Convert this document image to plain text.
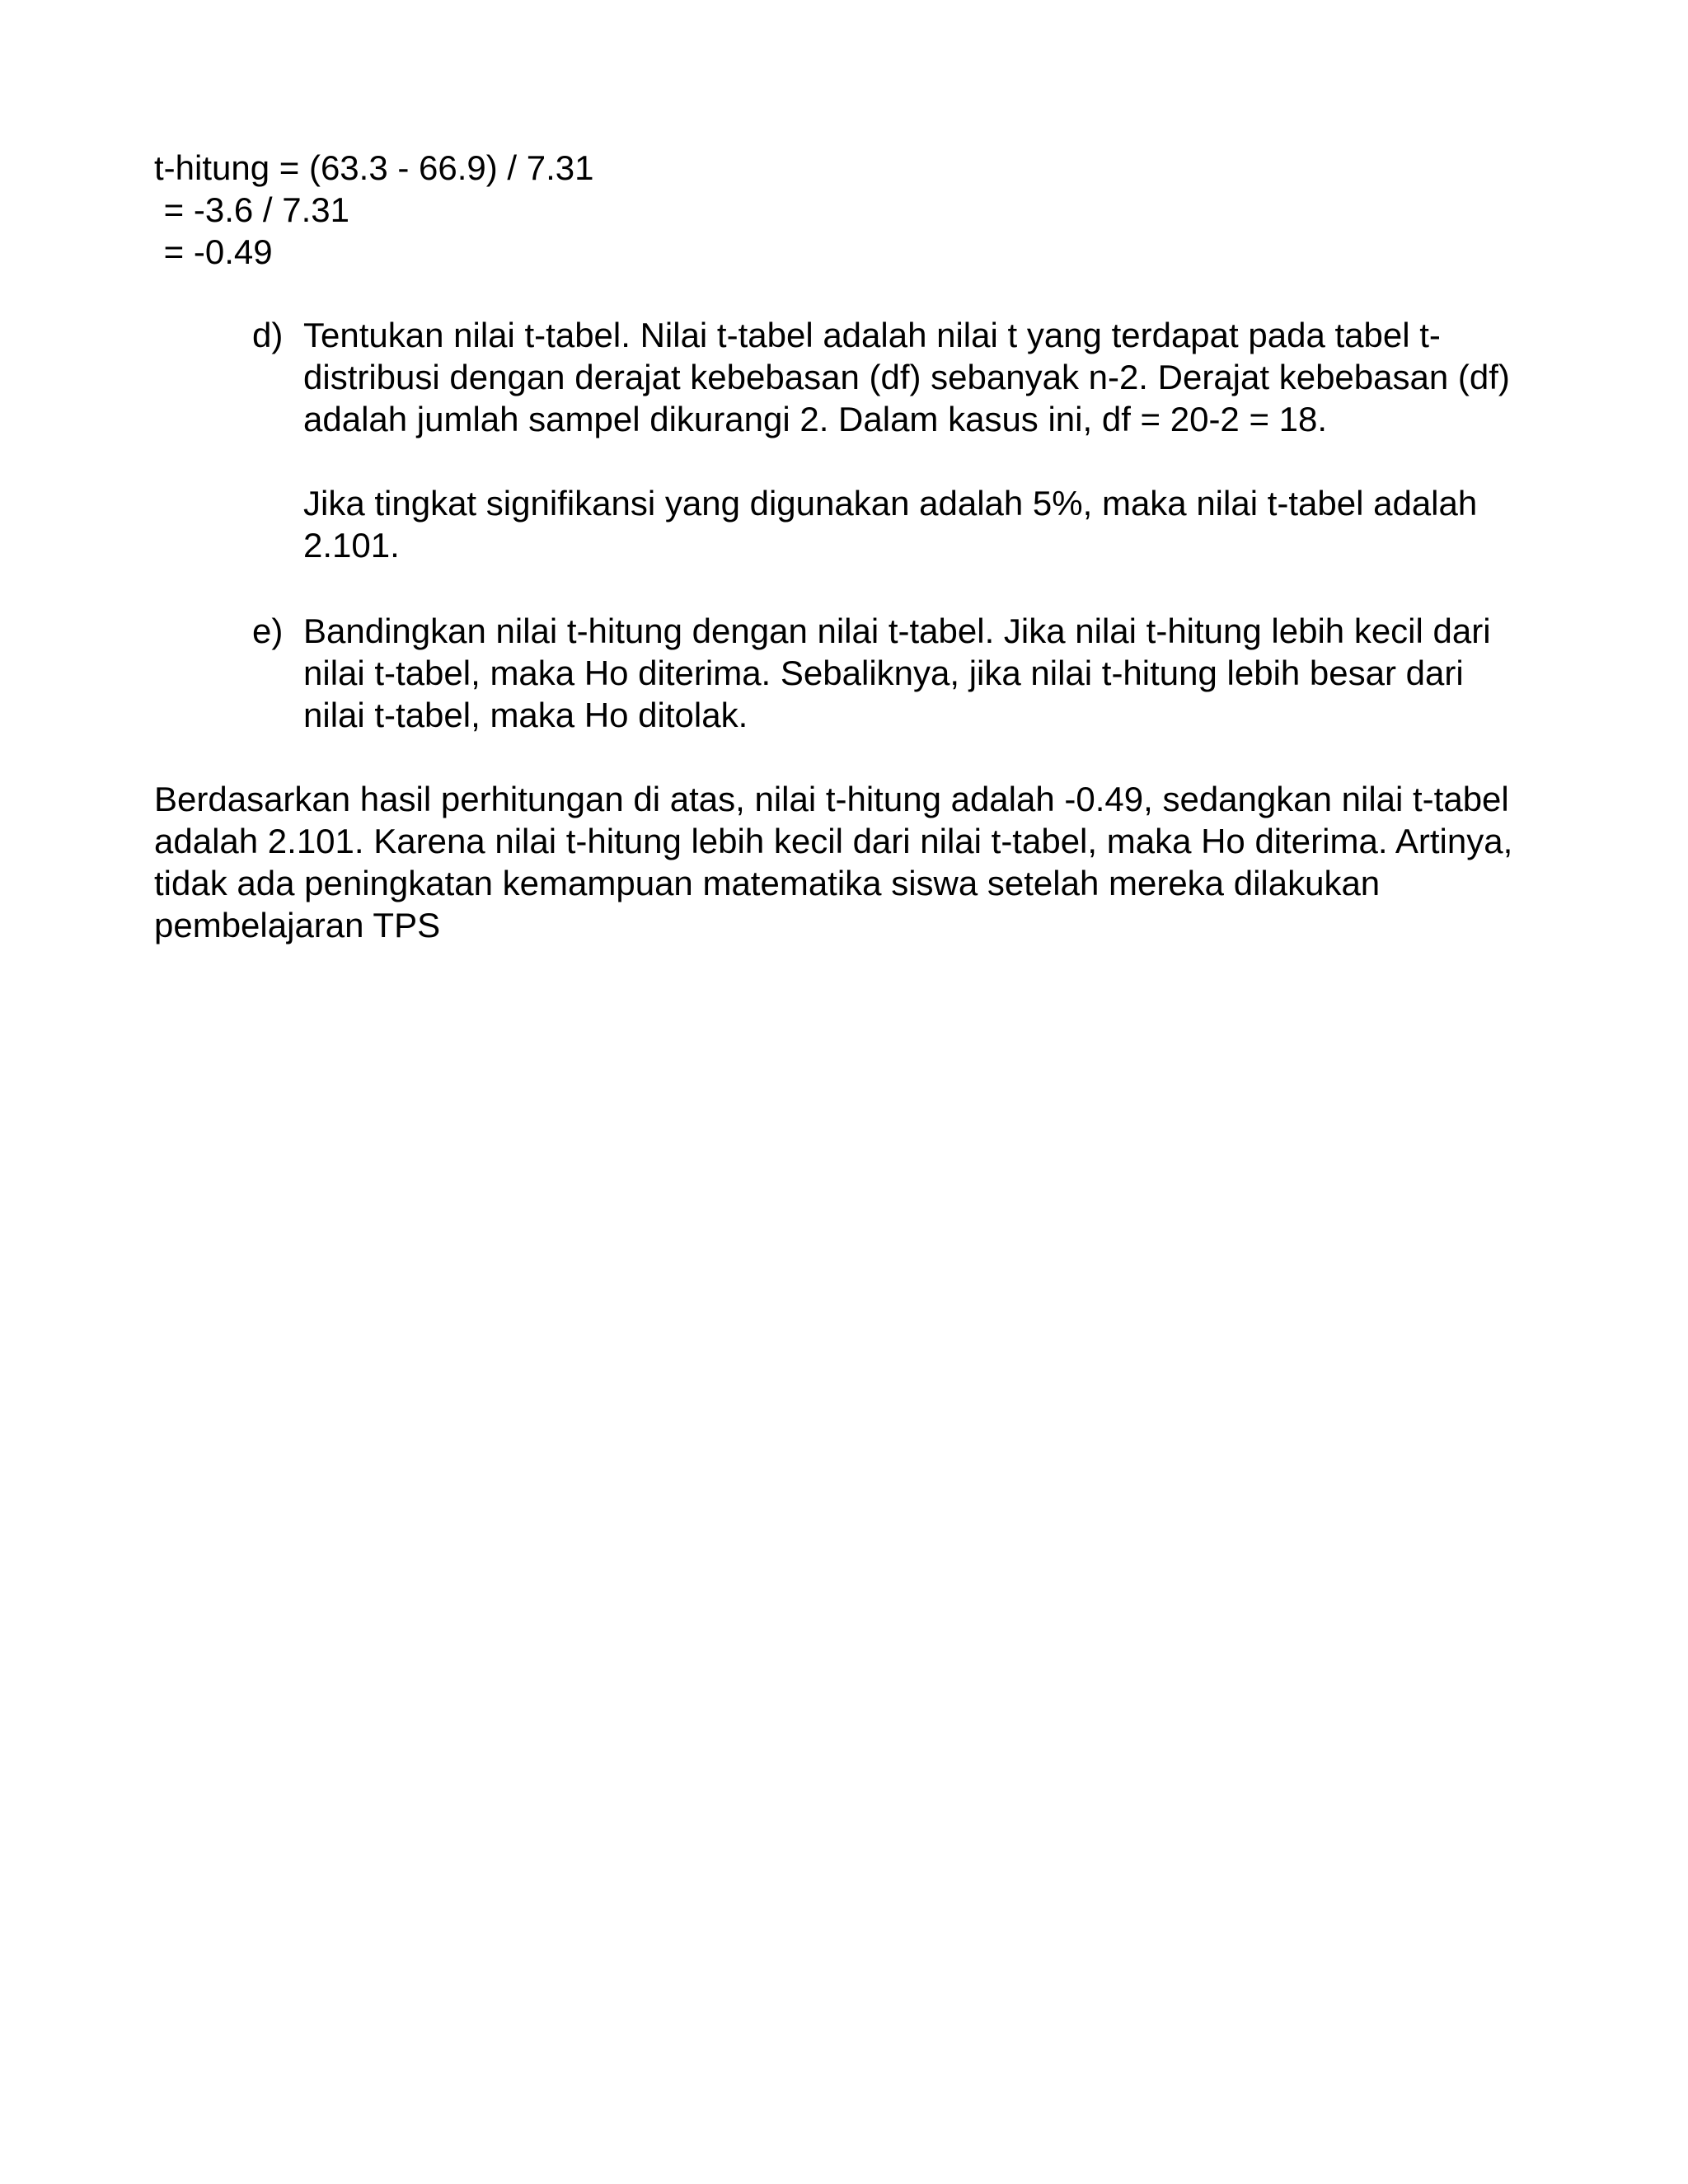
t-hitung = (63.3 - 66.9) / 7.31

= -3.6 / 7.31

= -0.49

d) Tentukan nilai t-tabel. Nilai t-tabel adalah nilai t yang terdapat pada tabel t-

distribusi dengan derajat kebebasan (df) sebanyak n-2. Derajat kebebasan (df)

adalah jumlah sampel dikurangi 2. Dalam kasus ini, df = 20-2 = 18.

Jika tingkat signifikansi yang digunakan adalah 5%, maka nilai t-tabel adalah

2.101.

e) Bandingkan nilai t-hitung dengan nilai t-tabel. Jika nilai t-hitung lebih kecil dari

nilai t-tabel, maka Ho diterima. Sebaliknya, jika nilai t-hitung lebih besar dari

nilai t-tabel, maka Ho ditolak.

Berdasarkan hasil perhitungan di atas, nilai t-hitung adalah -0.49, sedangkan nilai t-tabel

adalah 2.101. Karena nilai t-hitung lebih kecil dari nilai t-tabel, maka Ho diterima. Artinya,

tidak ada peningkatan kemampuan matematika siswa setelah mereka dilakukan

pembelajaran TPS
